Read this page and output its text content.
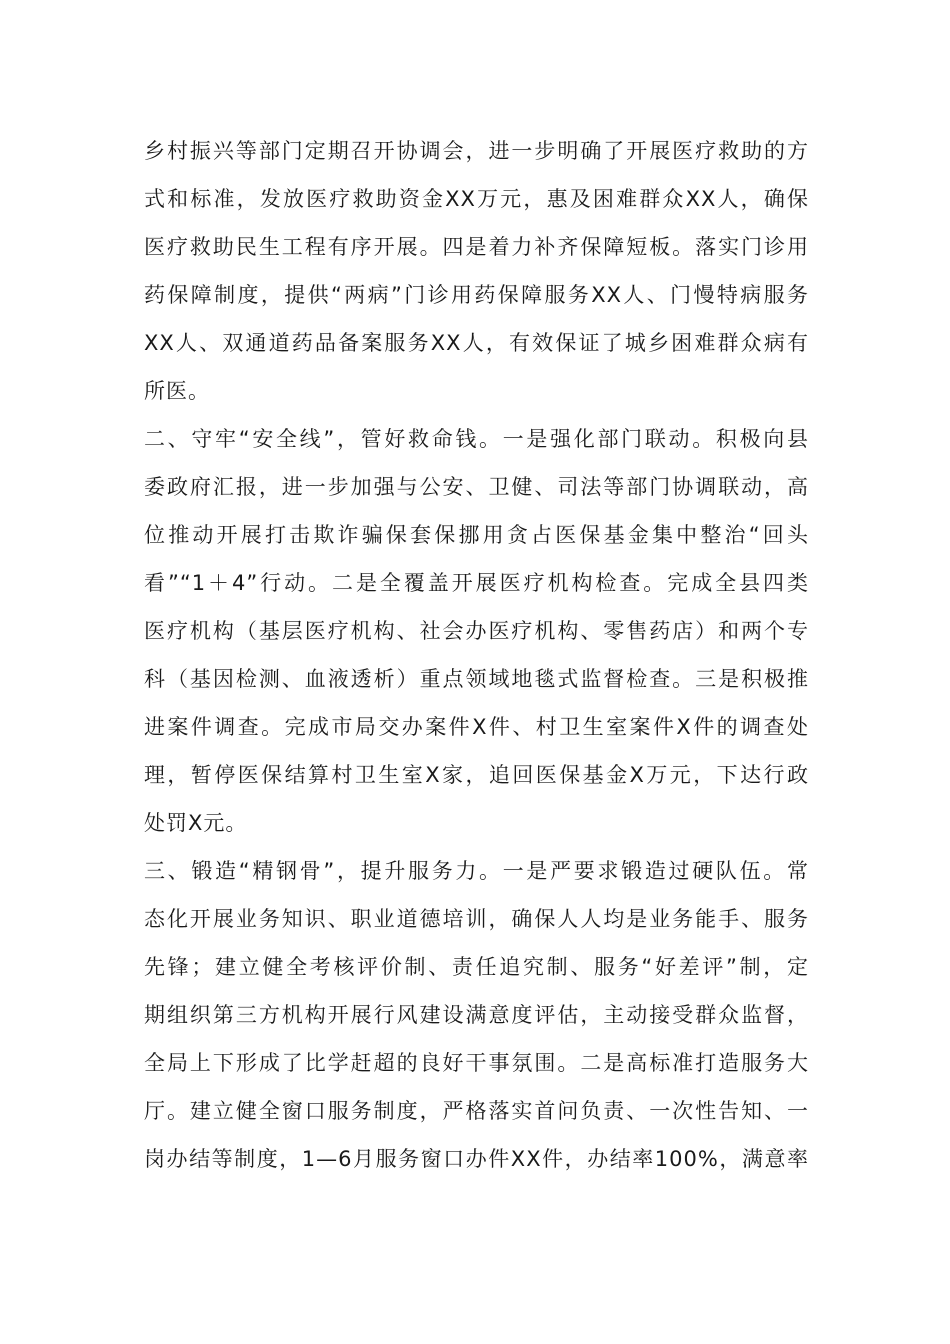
乡村振兴等部门定期召开协调会，进一步明确了开展医疗救助的方
式和标准，发放医疗救助资金XX万元，惠及困难群众XX人，确保
医疗救助民生工程有序开展。四是着力补齐保障短板。落实门诊用
药保障制度，提供“两病”门诊用药保障服务XX人、门慢特病服务
XX人、双通道药品备案服务XX人，有效保证了城乡困难群众病有
所医。
二、守牢“安全线”，管好救命钱。一是强化部门联动。积极向县
委政府汇报，进一步加强与公安、卫健、司法等部门协调联动，高
位推动开展打击欺诈骗保套保挪用贪占医保基金集中整治“回头
看”“1＋4”行动。二是全覆盖开展医疗机构检查。完成全县四类
医疗机构（基层医疗机构、社会办医疗机构、零售药店）和两个专
科（基因检测、血液透析）重点领域地毯式监督检查。三是积极推
进案件调查。完成市局交办案件X件、村卫生室案件X件的调查处
理，暂停医保结算村卫生室X家，追回医保基金X万元，下达行政
处罚X元。
三、锻造“精钢骨”，提升服务力。一是严要求锻造过硬队伍。常
态化开展业务知识、职业道德培训，确保人人均是业务能手、服务
先锋；建立健全考核评价制、责任追究制、服务“好差评”制，定
期组织第三方机构开展行风建设满意度评估，主动接受群众监督，
全局上下形成了比学赶超的良好干事氛围。二是高标准打造服务大
厅。建立健全窗口服务制度，严格落实首问负责、一次性告知、一
岗办结等制度，1—6月服务窗口办件XX件，办结率100%，满意率
